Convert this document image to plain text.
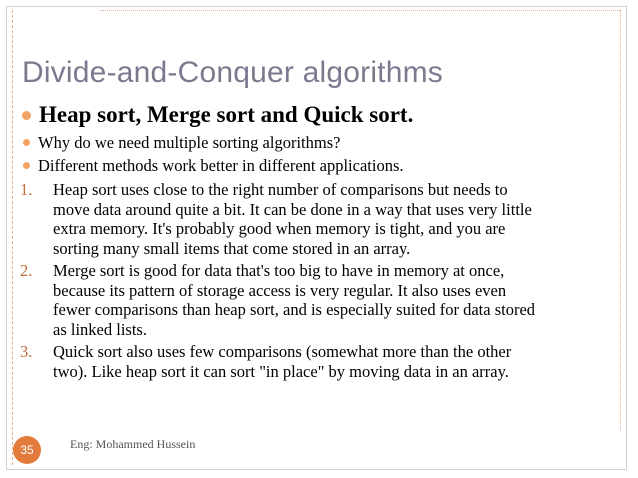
Divide-and-Conquer algorithms
Heap sort, Merge sort and Quick sort.
Why do we need multiple sorting algorithms?
Different methods work better in different applications.
1.	Heap sort uses close to the right number of comparisons but needs to
move data around quite a bit. It can be done in a way that uses very little
extra memory. It's probably good when memory is tight, and you are
sorting many small items that come stored in an array.
2.	Merge sort is good for data that's too big to have in memory at once,
because its pattern of storage access is very regular. It also uses even
fewer comparisons than heap sort, and is especially suited for data stored
as linked lists.
3.	Quick sort also uses few comparisons (somewhat more than the other
two). Like heap sort it can sort "in place" by moving data in an array.
35	Eng: Mohammed Hussein
